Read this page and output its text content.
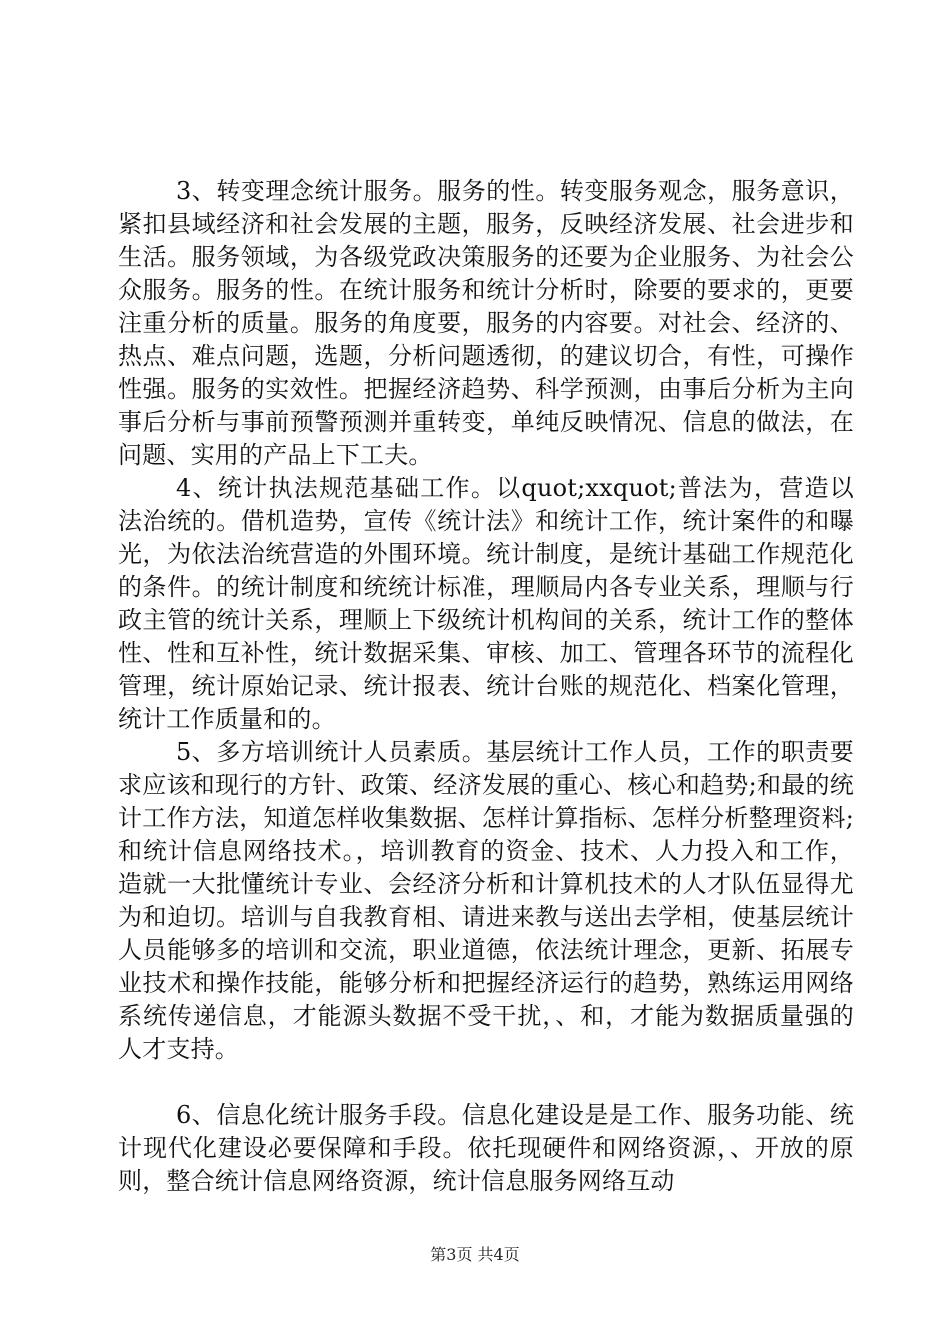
3、转变理念统计服务。服务的性。转变服务观念，服务意识，紧扣县域经济和社会发展的主题，服务，反映经济发展、社会进步和生活。服务领域，为各级党政决策服务的还要为企业服务、为社会公众服务。服务的性。在统计服务和统计分析时，除要的要求的，更要注重分析的质量。服务的角度要，服务的内容要。对社会、经济的、热点、难点问题，选题，分析问题透彻，的建议切合，有性，可操作性强。服务的实效性。把握经济趋势、科学预测，由事后分析为主向事后分析与事前预警预测并重转变，单纯反映情况、信息的做法，在问题、实用的产品上下工夫。

4、统计执法规范基础工作。以quot;xxquot;普法为，营造以法治统的。借机造势，宣传《统计法》和统计工作，统计案件的和曝光，为依法治统营造的外围环境。统计制度，是统计基础工作规范化的条件。的统计制度和统统计标准，理顺局内各专业关系，理顺与行政主管的统计关系，理顺上下级统计机构间的关系，统计工作的整体性、性和互补性，统计数据采集、审核、加工、管理各环节的流程化管理，统计原始记录、统计报表、统计台账的规范化、档案化管理，统计工作质量和的。

5、多方培训统计人员素质。基层统计工作人员，工作的职责要求应该和现行的方针、政策、经济发展的重心、核心和趋势;和最的统计工作方法，知道怎样收集数据、怎样计算指标、怎样分析整理资料;和统计信息网络技术。，培训教育的资金、技术、人力投入和工作，造就一大批懂统计专业、会经济分析和计算机技术的人才队伍显得尤为和迫切。培训与自我教育相、请进来教与送出去学相，使基层统计人员能够多的培训和交流，职业道德，依法统计理念，更新、拓展专业技术和操作技能，能够分析和把握经济运行的趋势，熟练运用网络系统传递信息，才能源头数据不受干扰，、和，才能为数据质量强的人才支持。

6、信息化统计服务手段。信息化建设是是工作、服务功能、统计现代化建设必要保障和手段。依托现硬件和网络资源，、开放的原则，整合统计信息网络资源，统计信息服务网络互动

第3页 共4页
